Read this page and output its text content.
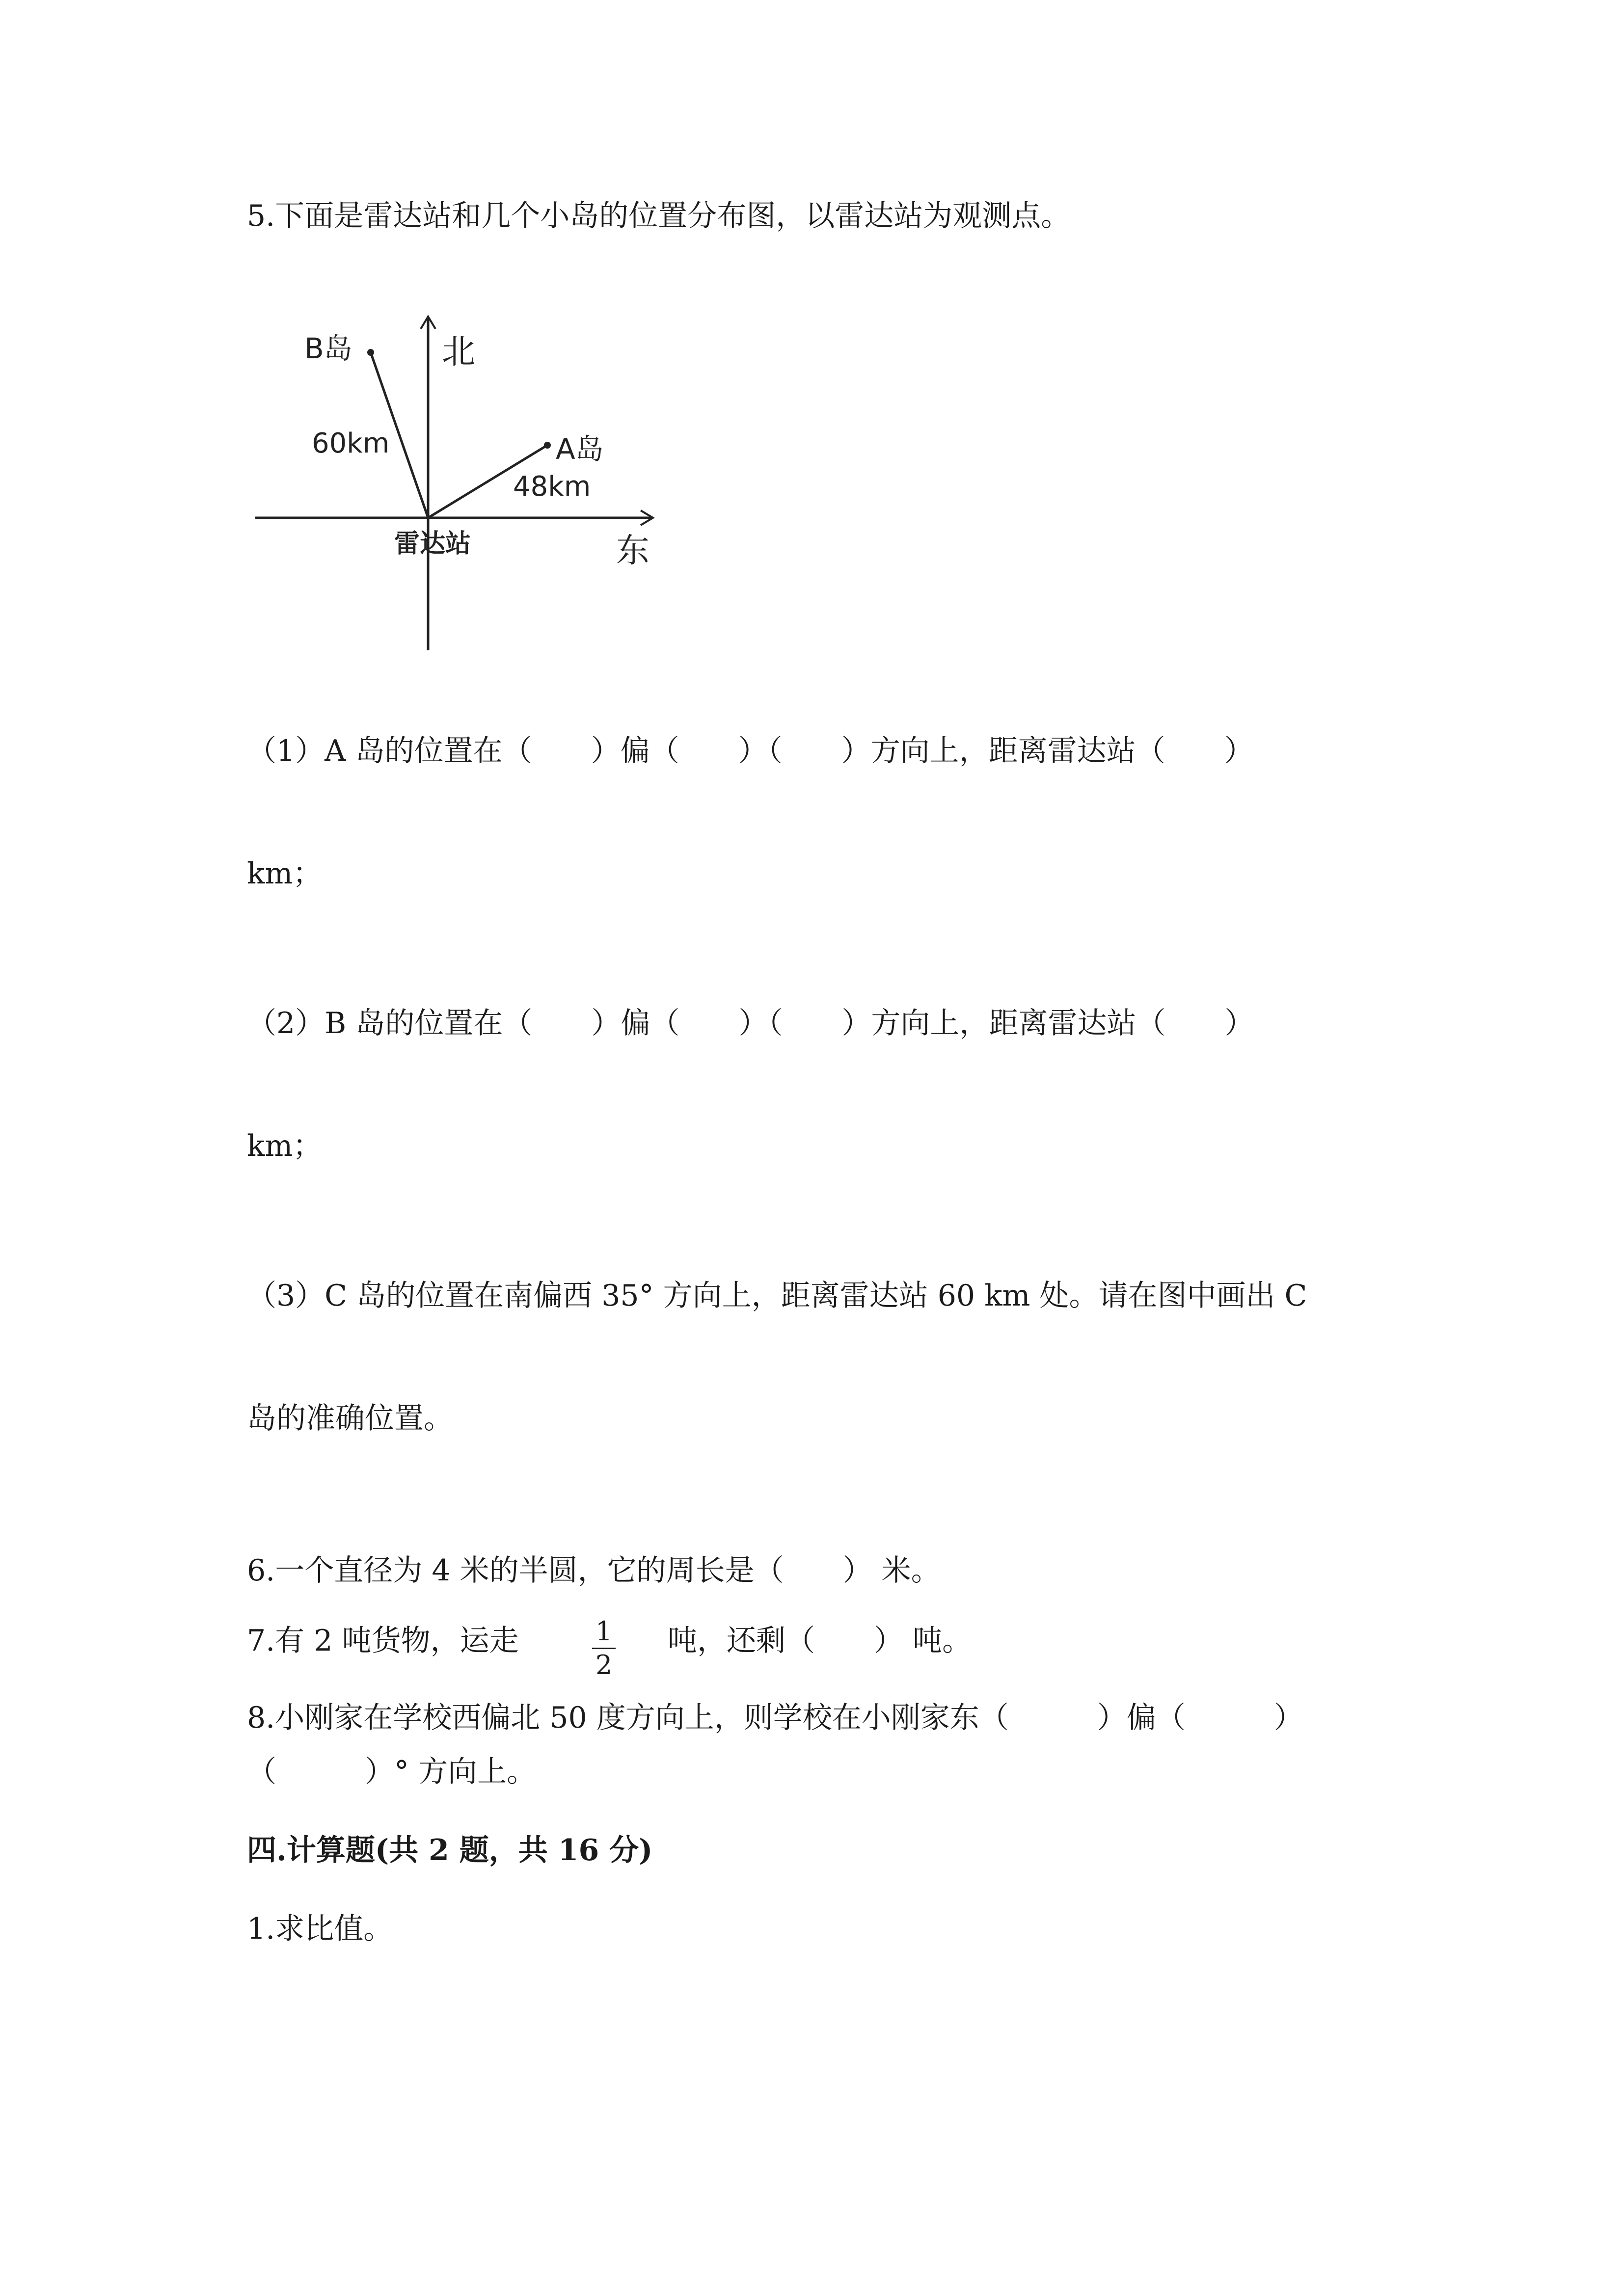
5.下面是雷达站和几个小岛的位置分布图，以雷达站为观测点。
北
东
雷达站
B岛
60km	A岛
48km
（1）A 岛的位置在（　　）偏（　　）（　　）方向上，距离雷达站（　　）
km；
（2）B 岛的位置在（　　）偏（　　）（　　）方向上，距离雷达站（　　）
km；
（3）C 岛的位置在南偏西 35° 方向上，距离雷达站 60 km 处。请在图中画出 C
岛的准确位置。
6.一个直径为 4 米的半圆，它的周长是（　　） 米。
7.有 2 吨货物，运走	1
2
吨，还剩（　　） 吨。
8.小刚家在学校西偏北 50 度方向上，则学校在小刚家东（　　　）偏（　　　）
（　　　）° 方向上。
四.计算题(共 2 题，共 16 分)
1.求比值。
